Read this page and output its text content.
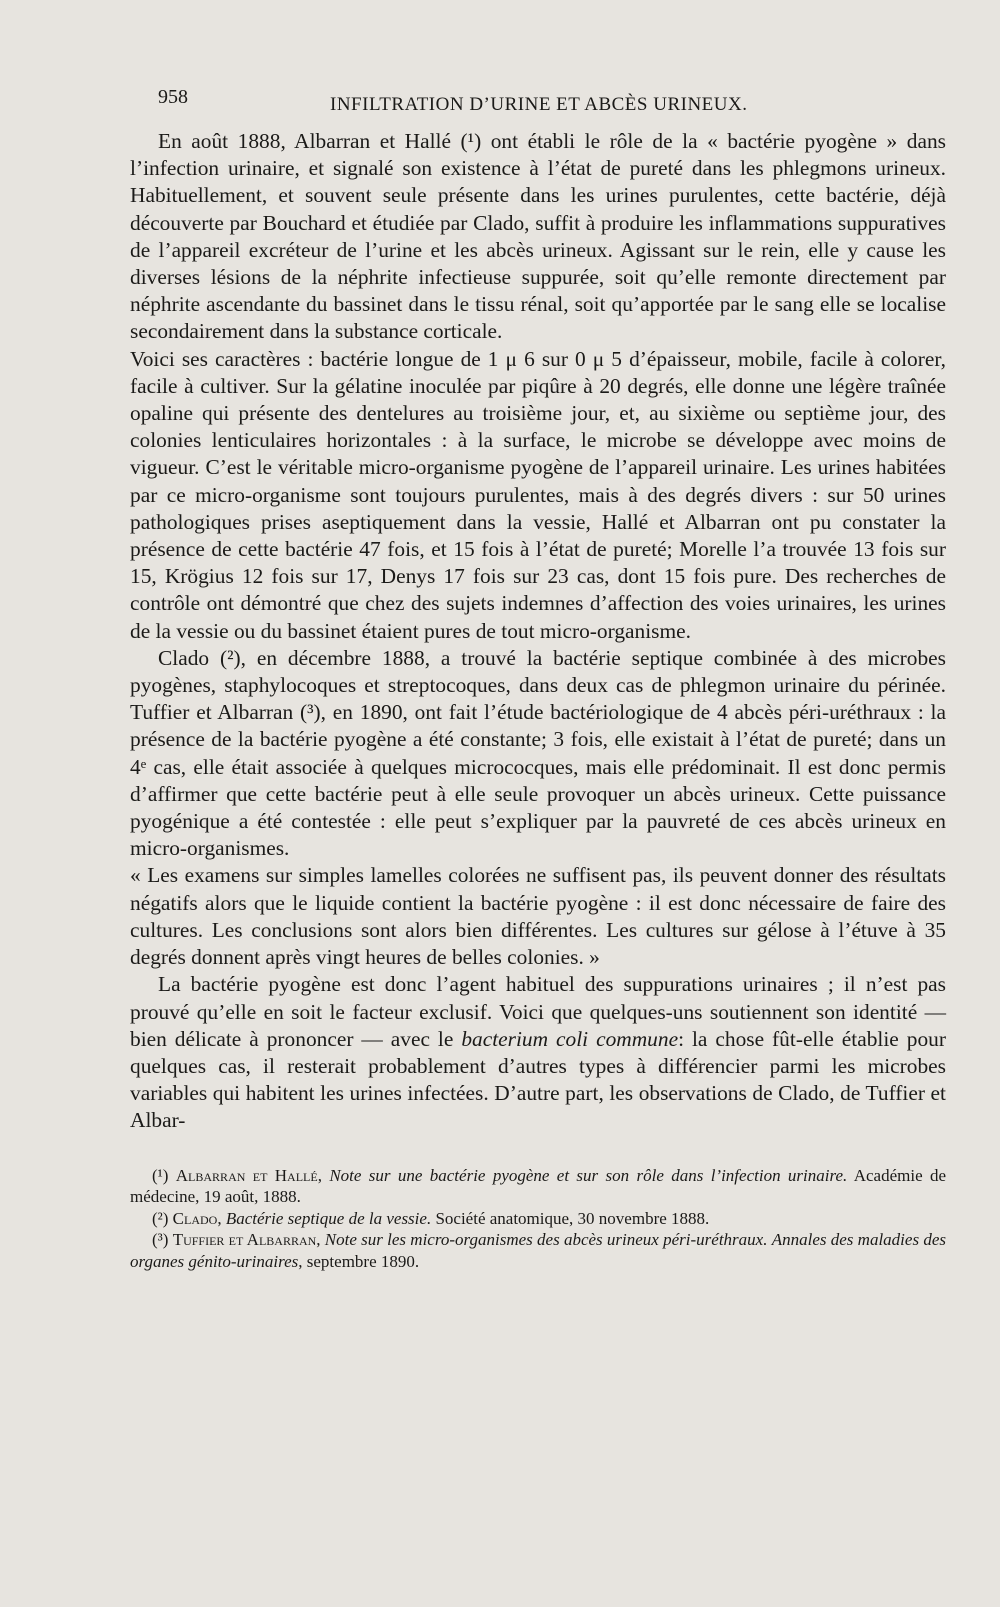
958	INFILTRATION D’URINE ET ABCÈS URINEUX.

En août 1888, Albarran et Hallé (¹) ont établi le rôle de la « bactérie pyogène » dans l’infection urinaire, et signalé son existence à l’état de pureté dans les phlegmons urineux. Habituellement, et souvent seule présente dans les urines purulentes, cette bactérie, déjà découverte par Bouchard et étudiée par Clado, suffit à produire les inflammations suppuratives de l’appareil excréteur de l’urine et les abcès urineux. Agissant sur le rein, elle y cause les diverses lésions de la néphrite infectieuse suppurée, soit qu’elle remonte directement par néphrite ascendante du bassinet dans le tissu rénal, soit qu’apportée par le sang elle se localise secondairement dans la substance corticale.

Voici ses caractères : bactérie longue de 1 μ 6 sur 0 μ 5 d’épaisseur, mobile, facile à colorer, facile à cultiver. Sur la gélatine inoculée par piqûre à 20 degrés, elle donne une légère traînée opaline qui présente des dentelures au troisième jour, et, au sixième ou septième jour, des colonies lenticulaires horizontales : à la surface, le microbe se développe avec moins de vigueur. C’est le véritable micro-organisme pyogène de l’appareil urinaire. Les urines habitées par ce micro-organisme sont toujours purulentes, mais à des degrés divers : sur 50 urines pathologiques prises aseptiquement dans la vessie, Hallé et Albarran ont pu constater la présence de cette bactérie 47 fois, et 15 fois à l’état de pureté; Morelle l’a trouvée 13 fois sur 15, Krögius 12 fois sur 17, Denys 17 fois sur 23 cas, dont 15 fois pure. Des recherches de contrôle ont démontré que chez des sujets indemnes d’affection des voies urinaires, les urines de la vessie ou du bassinet étaient pures de tout micro-organisme.

Clado (²), en décembre 1888, a trouvé la bactérie septique combinée à des microbes pyogènes, staphylocoques et streptocoques, dans deux cas de phlegmon urinaire du périnée. Tuffier et Albarran (³), en 1890, ont fait l’étude bactériologique de 4 abcès péri-uréthraux : la présence de la bactérie pyogène a été constante; 3 fois, elle existait à l’état de pureté; dans un 4ᵉ cas, elle était associée à quelques micrococques, mais elle prédominait. Il est donc permis d’affirmer que cette bactérie peut à elle seule provoquer un abcès urineux. Cette puissance pyogénique a été contestée : elle peut s’expliquer par la pauvreté de ces abcès urineux en micro-organismes.

« Les examens sur simples lamelles colorées ne suffisent pas, ils peuvent donner des résultats négatifs alors que le liquide contient la bactérie pyogène : il est donc nécessaire de faire des cultures. Les conclusions sont alors bien différentes. Les cultures sur gélose à l’étuve à 35 degrés donnent après vingt heures de belles colonies. »

La bactérie pyogène est donc l’agent habituel des suppurations urinaires ; il n’est pas prouvé qu’elle en soit le facteur exclusif. Voici que quelques-uns soutiennent son identité — bien délicate à prononcer — avec le bacterium coli commune: la chose fût-elle établie pour quelques cas, il resterait probablement d’autres types à différencier parmi les microbes variables qui habitent les urines infectées. D’autre part, les observations de Clado, de Tuffier et Albar-

(¹) Albarran et Hallé, Note sur une bactérie pyogène et sur son rôle dans l’infection urinaire. Académie de médecine, 19 août, 1888.

(²) Clado, Bactérie septique de la vessie. Société anatomique, 30 novembre 1888.

(³) Tuffier et Albarran, Note sur les micro-organismes des abcès urineux péri-uréthraux. Annales des maladies des organes génito-urinaires, septembre 1890.
